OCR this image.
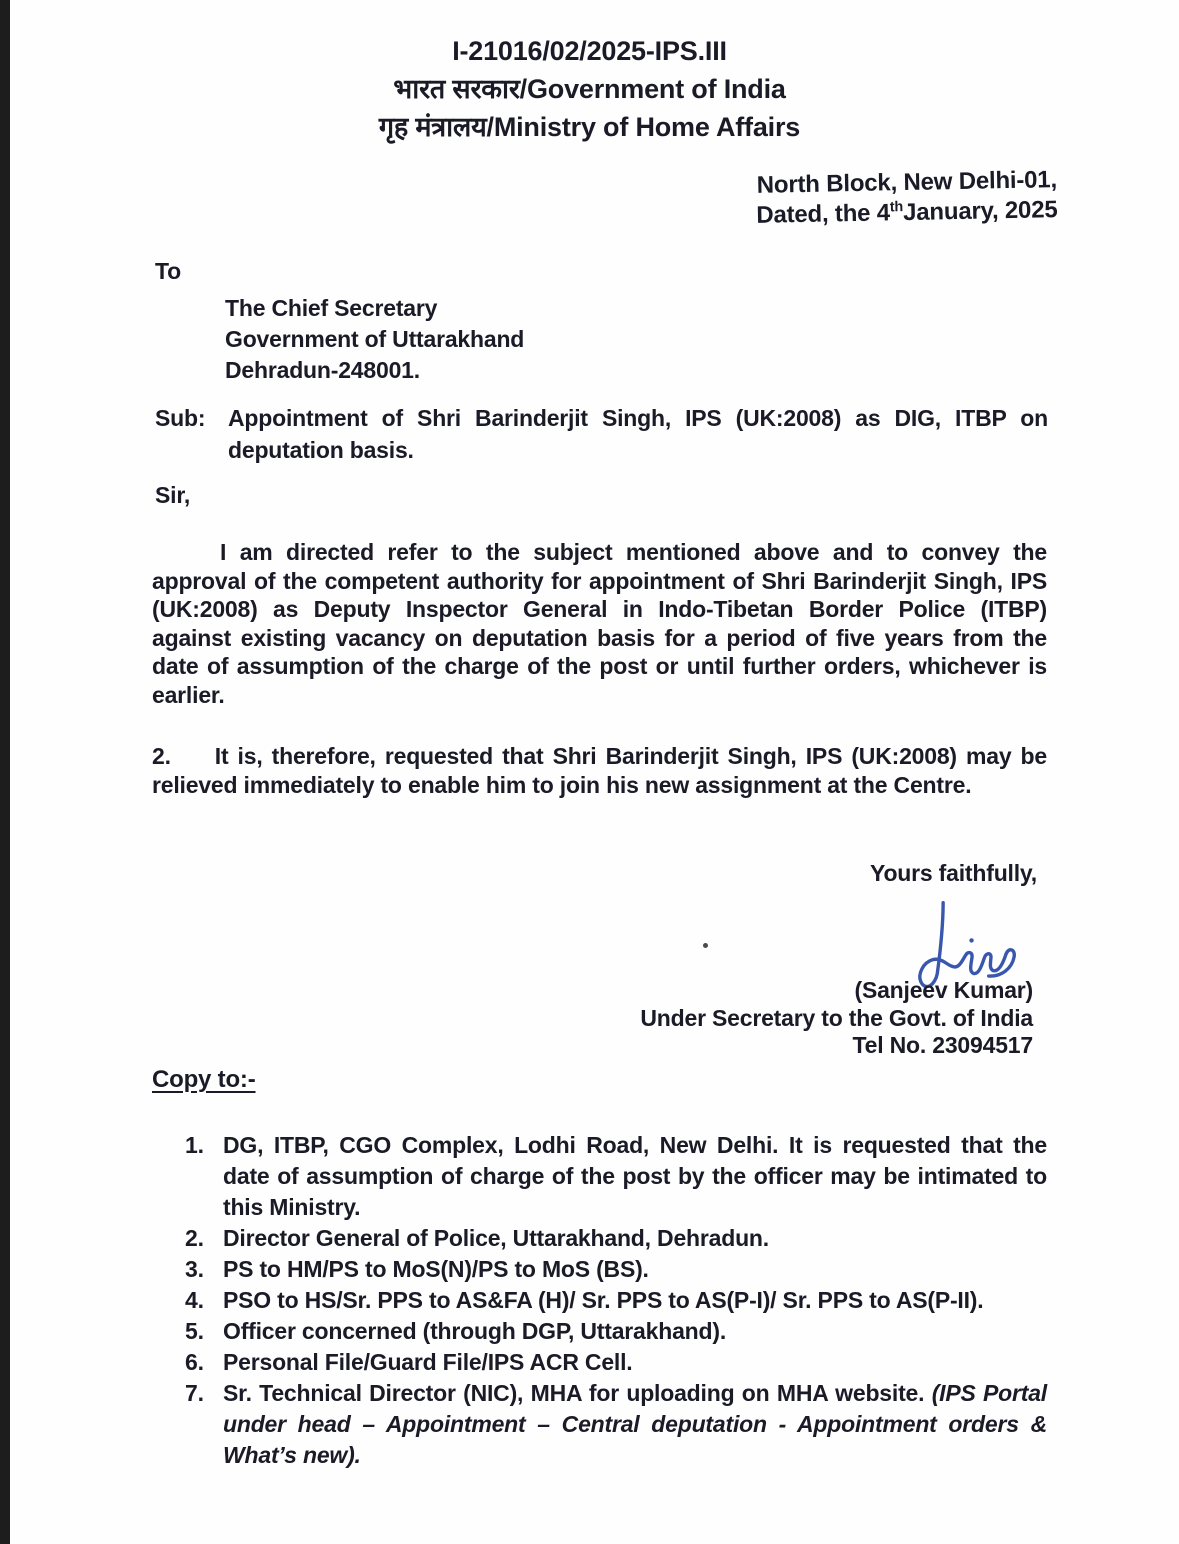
I-21016/02/2025-IPS.III
भारत सरकार/Government of India
गृह मंत्रालय/Ministry of Home Affairs
North Block, New Delhi-01,
Dated, the 4thJanuary, 2025
To
The Chief Secretary
Government of Uttarakhand
Dehradun-248001.
Sub: Appointment of Shri Barinderjit Singh, IPS (UK:2008) as DIG, ITBP on deputation basis.
Sir,

I am directed refer to the subject mentioned above and to convey the approval of the competent authority for appointment of Shri Barinderjit Singh, IPS (UK:2008) as Deputy Inspector General in Indo-Tibetan Border Police (ITBP) against existing vacancy on deputation basis for a period of five years from the date of assumption of the charge of the post or until further orders, whichever is earlier.

2. It is, therefore, requested that Shri Barinderjit Singh, IPS (UK:2008) may be relieved immediately to enable him to join his new assignment at the Centre.

Yours faithfully,
(Sanjeev Kumar)
Under Secretary to the Govt. of India
Tel No. 23094517
Copy to:-
1. DG, ITBP, CGO Complex, Lodhi Road, New Delhi. It is requested that the date of assumption of charge of the post by the officer may be intimated to this Ministry.
2. Director General of Police, Uttarakhand, Dehradun.
3. PS to HM/PS to MoS(N)/PS to MoS (BS).
4. PSO to HS/Sr. PPS to AS&FA (H)/ Sr. PPS to AS(P-I)/ Sr. PPS to AS(P-II).
5. Officer concerned (through DGP, Uttarakhand).
6. Personal File/Guard File/IPS ACR Cell.
7. Sr. Technical Director (NIC), MHA for uploading on MHA website. (IPS Portal under head – Appointment – Central deputation - Appointment orders & What’s new).
